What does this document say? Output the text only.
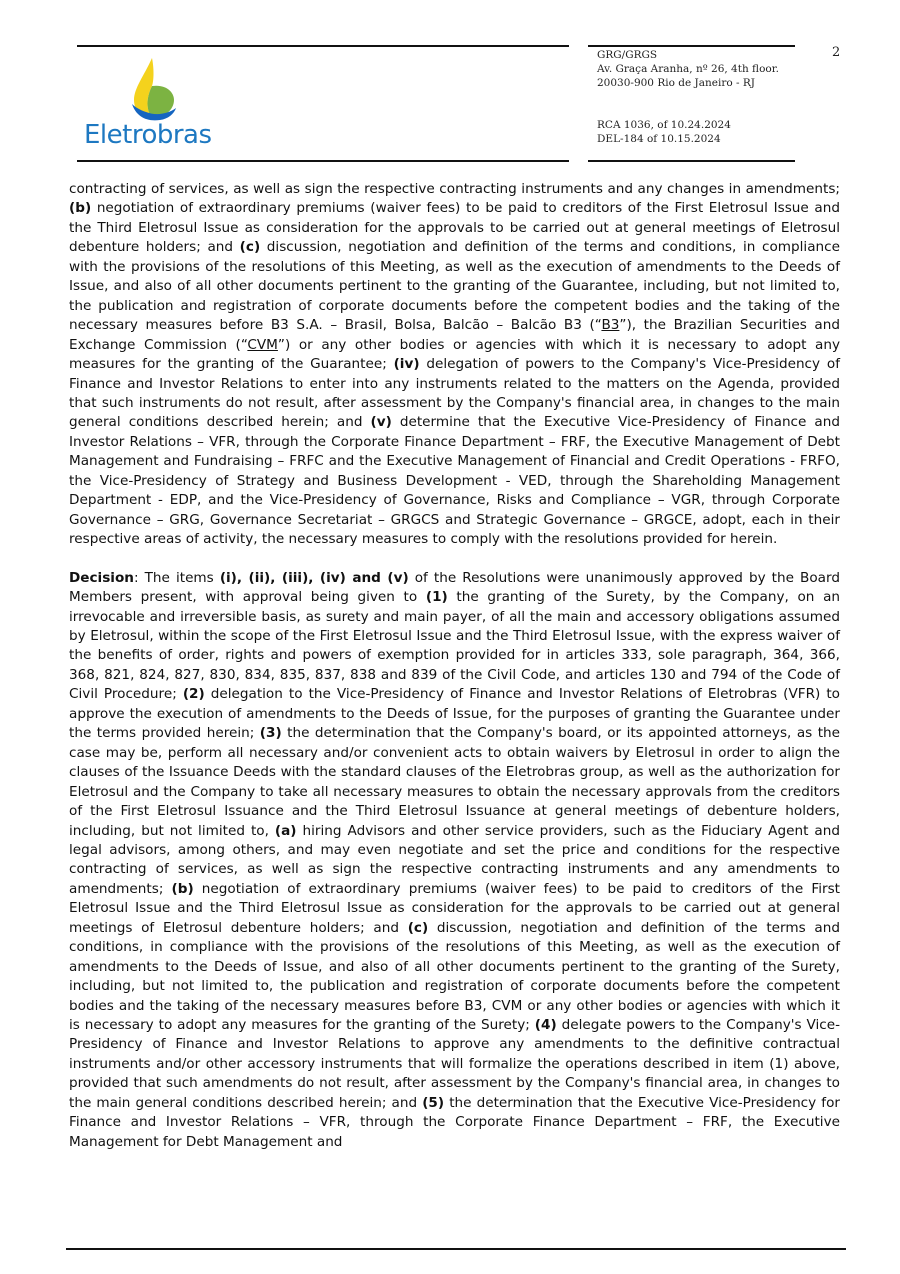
Eletrobras
GRG/GRGS
Av. Graça Aranha, nº 26, 4th floor.
20030-900 Rio de Janeiro - RJ
RCA 1036, of 10.24.2024
DEL-184 of 10.15.2024
2

contracting of services, as well as sign the respective contracting instruments and any changes in amendments; (b) negotiation of extraordinary premiums (waiver fees) to be paid to creditors of the First Eletrosul Issue and the Third Eletrosul Issue as consideration for the approvals to be carried out at general meetings of Eletrosul debenture holders; and (c) discussion, negotiation and definition of the terms and conditions, in compliance with the provisions of the resolutions of this Meeting, as well as the execution of amendments to the Deeds of Issue, and also of all other documents pertinent to the granting of the Guarantee, including, but not limited to, the publication and registration of corporate documents before the competent bodies and the taking of the necessary measures before B3 S.A. – Brasil, Bolsa, Balcão – Balcão B3 (“B3”), the Brazilian Securities and Exchange Commission (“CVM”) or any other bodies or agencies with which it is necessary to adopt any measures for the granting of the Guarantee; (iv) delegation of powers to the Company's Vice-Presidency of Finance and Investor Relations to enter into any instruments related to the matters on the Agenda, provided that such instruments do not result, after assessment by the Company's financial area, in changes to the main general conditions described herein; and (v) determine that the Executive Vice-Presidency of Finance and Investor Relations – VFR, through the Corporate Finance Department – FRF, the Executive Management of Debt Management and Fundraising – FRFC and the Executive Management of Financial and Credit Operations - FRFO, the Vice-Presidency of Strategy and Business Development - VED, through the Shareholding Management Department - EDP, and the Vice-Presidency of Governance, Risks and Compliance – VGR, through Corporate Governance – GRG, Governance Secretariat – GRGCS and Strategic Governance – GRGCE, adopt, each in their respective areas of activity, the necessary measures to comply with the resolutions provided for herein.

Decision: The items (i), (ii), (iii), (iv) and (v) of the Resolutions were unanimously approved by the Board Members present, with approval being given to (1) the granting of the Surety, by the Company, on an irrevocable and irreversible basis, as surety and main payer, of all the main and accessory obligations assumed by Eletrosul, within the scope of the First Eletrosul Issue and the Third Eletrosul Issue, with the express waiver of the benefits of order, rights and powers of exemption provided for in articles 333, sole paragraph, 364, 366, 368, 821, 824, 827, 830, 834, 835, 837, 838 and 839 of the Civil Code, and articles 130 and 794 of the Code of Civil Procedure; (2) delegation to the Vice-Presidency of Finance and Investor Relations of Eletrobras (VFR) to approve the execution of amendments to the Deeds of Issue, for the purposes of granting the Guarantee under the terms provided herein; (3) the determination that the Company's board, or its appointed attorneys, as the case may be, perform all necessary and/or convenient acts to obtain waivers by Eletrosul in order to align the clauses of the Issuance Deeds with the standard clauses of the Eletrobras group, as well as the authorization for Eletrosul and the Company to take all necessary measures to obtain the necessary approvals from the creditors of the First Eletrosul Issuance and the Third Eletrosul Issuance at general meetings of debenture holders, including, but not limited to, (a) hiring Advisors and other service providers, such as the Fiduciary Agent and legal advisors, among others, and may even negotiate and set the price and conditions for the respective contracting of services, as well as sign the respective contracting instruments and any amendments to amendments; (b) negotiation of extraordinary premiums (waiver fees) to be paid to creditors of the First Eletrosul Issue and the Third Eletrosul Issue as consideration for the approvals to be carried out at general meetings of Eletrosul debenture holders; and (c) discussion, negotiation and definition of the terms and conditions, in compliance with the provisions of the resolutions of this Meeting, as well as the execution of amendments to the Deeds of Issue, and also of all other documents pertinent to the granting of the Surety, including, but not limited to, the publication and registration of corporate documents before the competent bodies and the taking of the necessary measures before B3, CVM or any other bodies or agencies with which it is necessary to adopt any measures for the granting of the Surety; (4) delegate powers to the Company's Vice-Presidency of Finance and Investor Relations to approve any amendments to the definitive contractual instruments and/or other accessory instruments that will formalize the operations described in item (1) above, provided that such amendments do not result, after assessment by the Company's financial area, in changes to the main general conditions described herein; and (5) the determination that the Executive Vice-Presidency for Finance and Investor Relations – VFR, through the Corporate Finance Department – FRF, the Executive Management for Debt Management and
